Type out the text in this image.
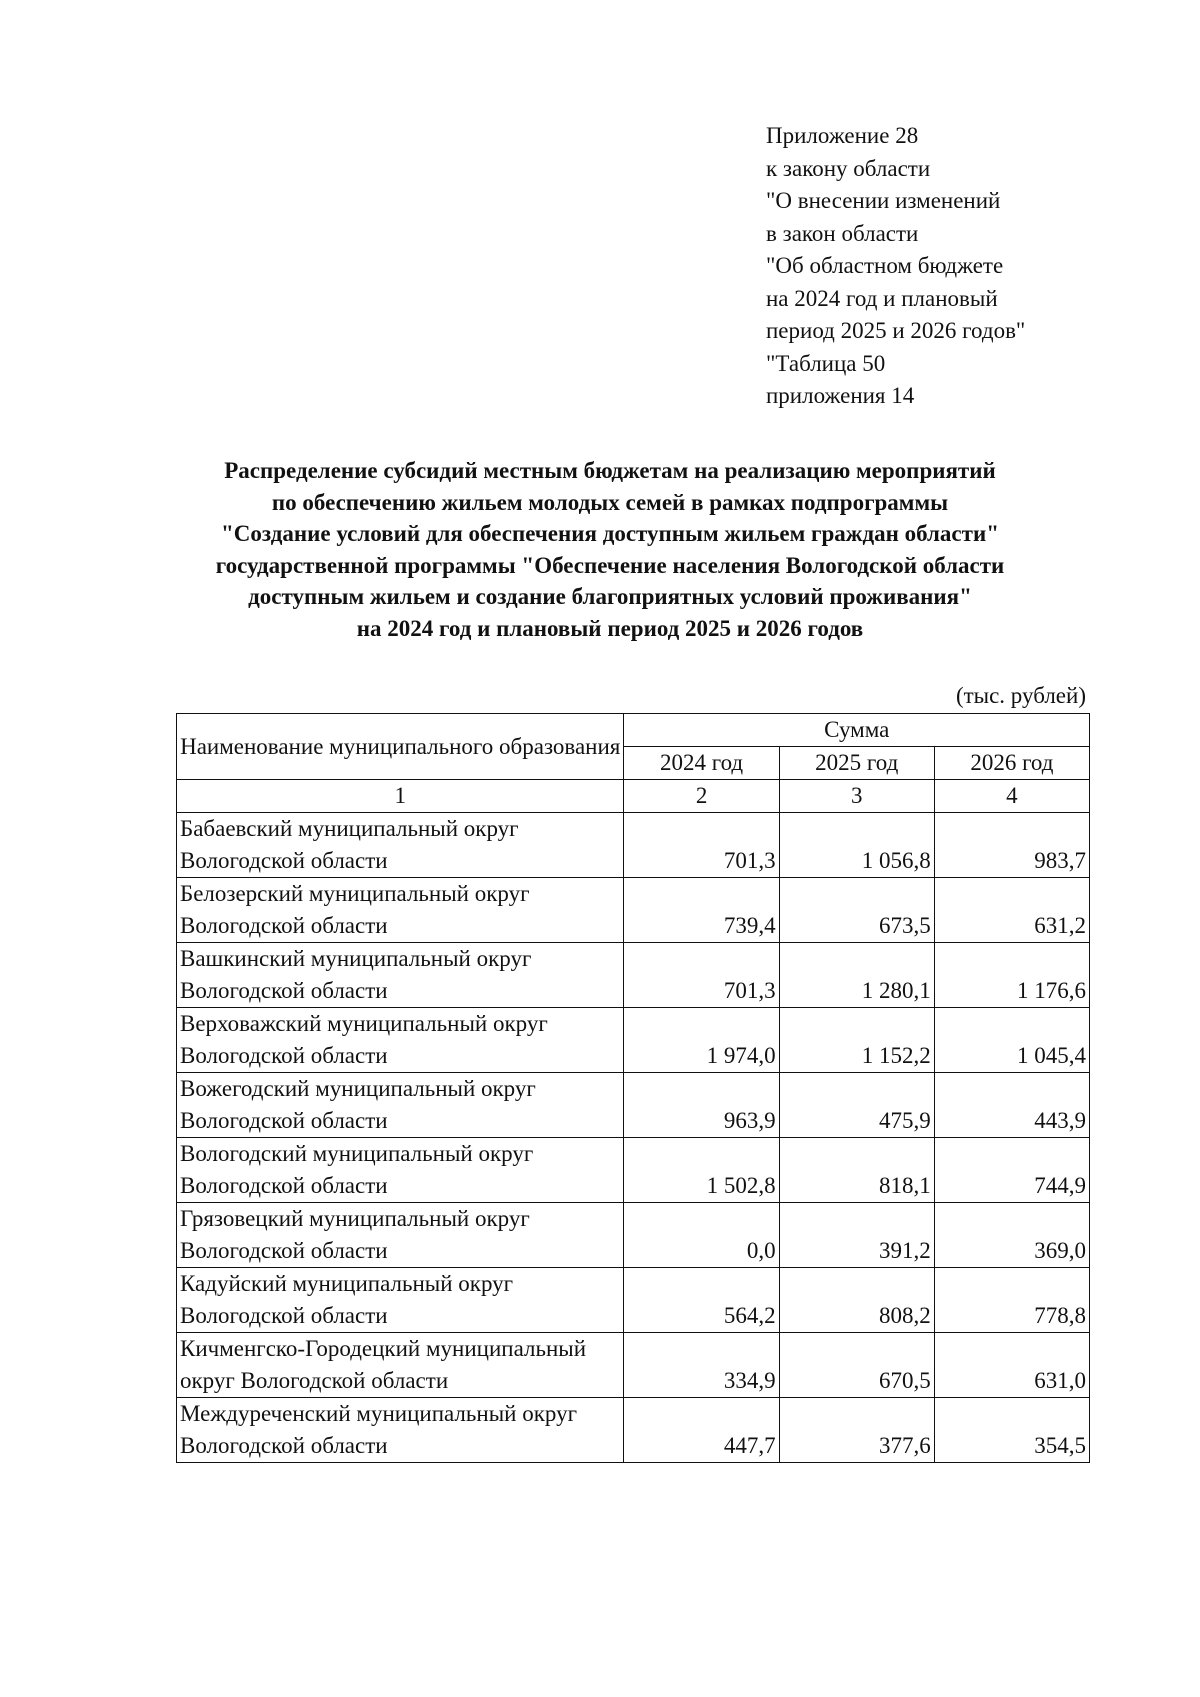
Приложение 28
к закону области
"О внесении изменений
в закон области
"Об областном бюджете
на 2024 год и плановый
период 2025 и 2026 годов"
"Таблица 50
приложения 14
Распределение субсидий местным бюджетам на реализацию мероприятий
по обеспечению жильем молодых семей в рамках подпрограммы
"Создание условий для обеспечения доступным жильем граждан области"
государственной программы "Обеспечение населения Вологодской области
доступным жильем и создание благоприятных условий проживания"
на 2024 год и плановый период 2025 и 2026 годов
(тыс. рублей)
Наименование муниципального образования	Сумма		
	2024 год	2025 год	2026 год
1	2	3	4
Бабаевский муниципальный округ Вологодской области	701,3	1 056,8	983,7
Белозерский муниципальный округ Вологодской области	739,4	673,5	631,2
Вашкинский муниципальный округ Вологодской области	701,3	1 280,1	1 176,6
Верховажский муниципальный округ Вологодской области	1 974,0	1 152,2	1 045,4
Вожегодский муниципальный округ Вологодской области	963,9	475,9	443,9
Вологодский муниципальный округ Вологодской области	1 502,8	818,1	744,9
Грязовецкий муниципальный округ Вологодской области	0,0	391,2	369,0
Кадуйский муниципальный округ Вологодской области	564,2	808,2	778,8
Кичменгско-Городецкий муниципальный округ Вологодской области	334,9	670,5	631,0
Междуреченский муниципальный округ Вологодской области	447,7	377,6	354,5
